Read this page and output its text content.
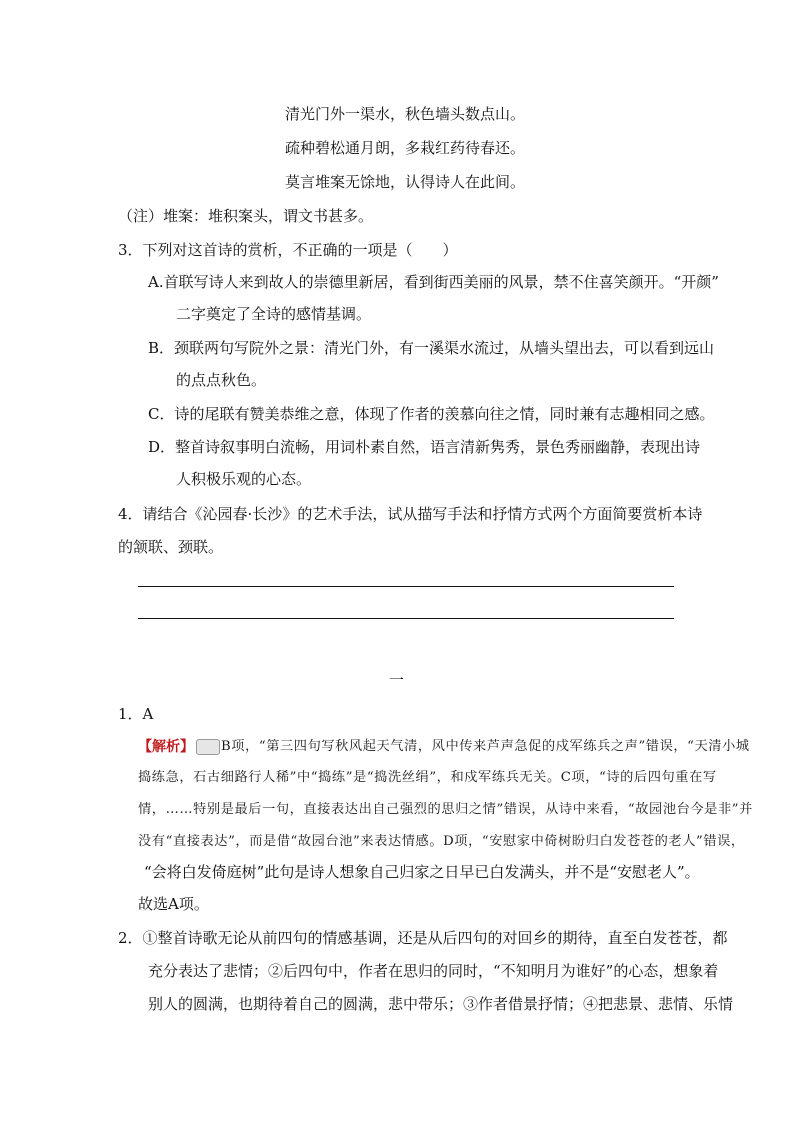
清光门外一渠水，秋色墙头数点山。
疏种碧松通月朗，多栽红药待春还。
莫言堆案无馀地，认得诗人在此间。
（注）堆案：堆积案头，谓文书甚多。
3．下列对这首诗的赏析，不正确的一项是（　　）
A.首联写诗人来到故人的崇德里新居，看到街西美丽的风景，禁不住喜笑颜开。“开颜”
二字奠定了全诗的感情基调。
B．颈联两句写院外之景：清光门外，有一溪渠水流过，从墙头望出去，可以看到远山
的点点秋色。
C．诗的尾联有赞美恭维之意，体现了作者的羡慕向往之情，同时兼有志趣相同之感。
D．整首诗叙事明白流畅，用词朴素自然，语言清新隽秀，景色秀丽幽静，表现出诗
人积极乐观的心态。
4．请结合《沁园春·长沙》的艺术手法，试从描写手法和抒情方式两个方面简要赏析本诗
的颔联、颈联。
一
1．A
【解析】 B项，“第三四句写秋风起天气清，风中传来芦声急促的戍军练兵之声”错误，“天清小城
捣练急，石古细路行人稀”中“捣练”是“捣洗丝绢”，和戍军练兵无关。C项，“诗的后四句重在写
情，……特别是最后一句，直接表达出自己强烈的思归之情”错误，从诗中来看，“故园池台今是非”并
没有“直接表达”，而是借“故园台池”来表达情感。D项，“安慰家中倚树盼归白发苍苍的老人”错误，
“会将白发倚庭树”此句是诗人想象自己归家之日早已白发满头，并不是“安慰老人”。
故选A项。
2．①整首诗歌无论从前四句的情感基调，还是从后四句的对回乡的期待，直至白发苍苍，都
充分表达了悲情；②后四句中，作者在思归的同时，“不知明月为谁好”的心态，想象着
别人的圆满，也期待着自己的圆满，悲中带乐；③作者借景抒情；④把悲景、悲情、乐情
